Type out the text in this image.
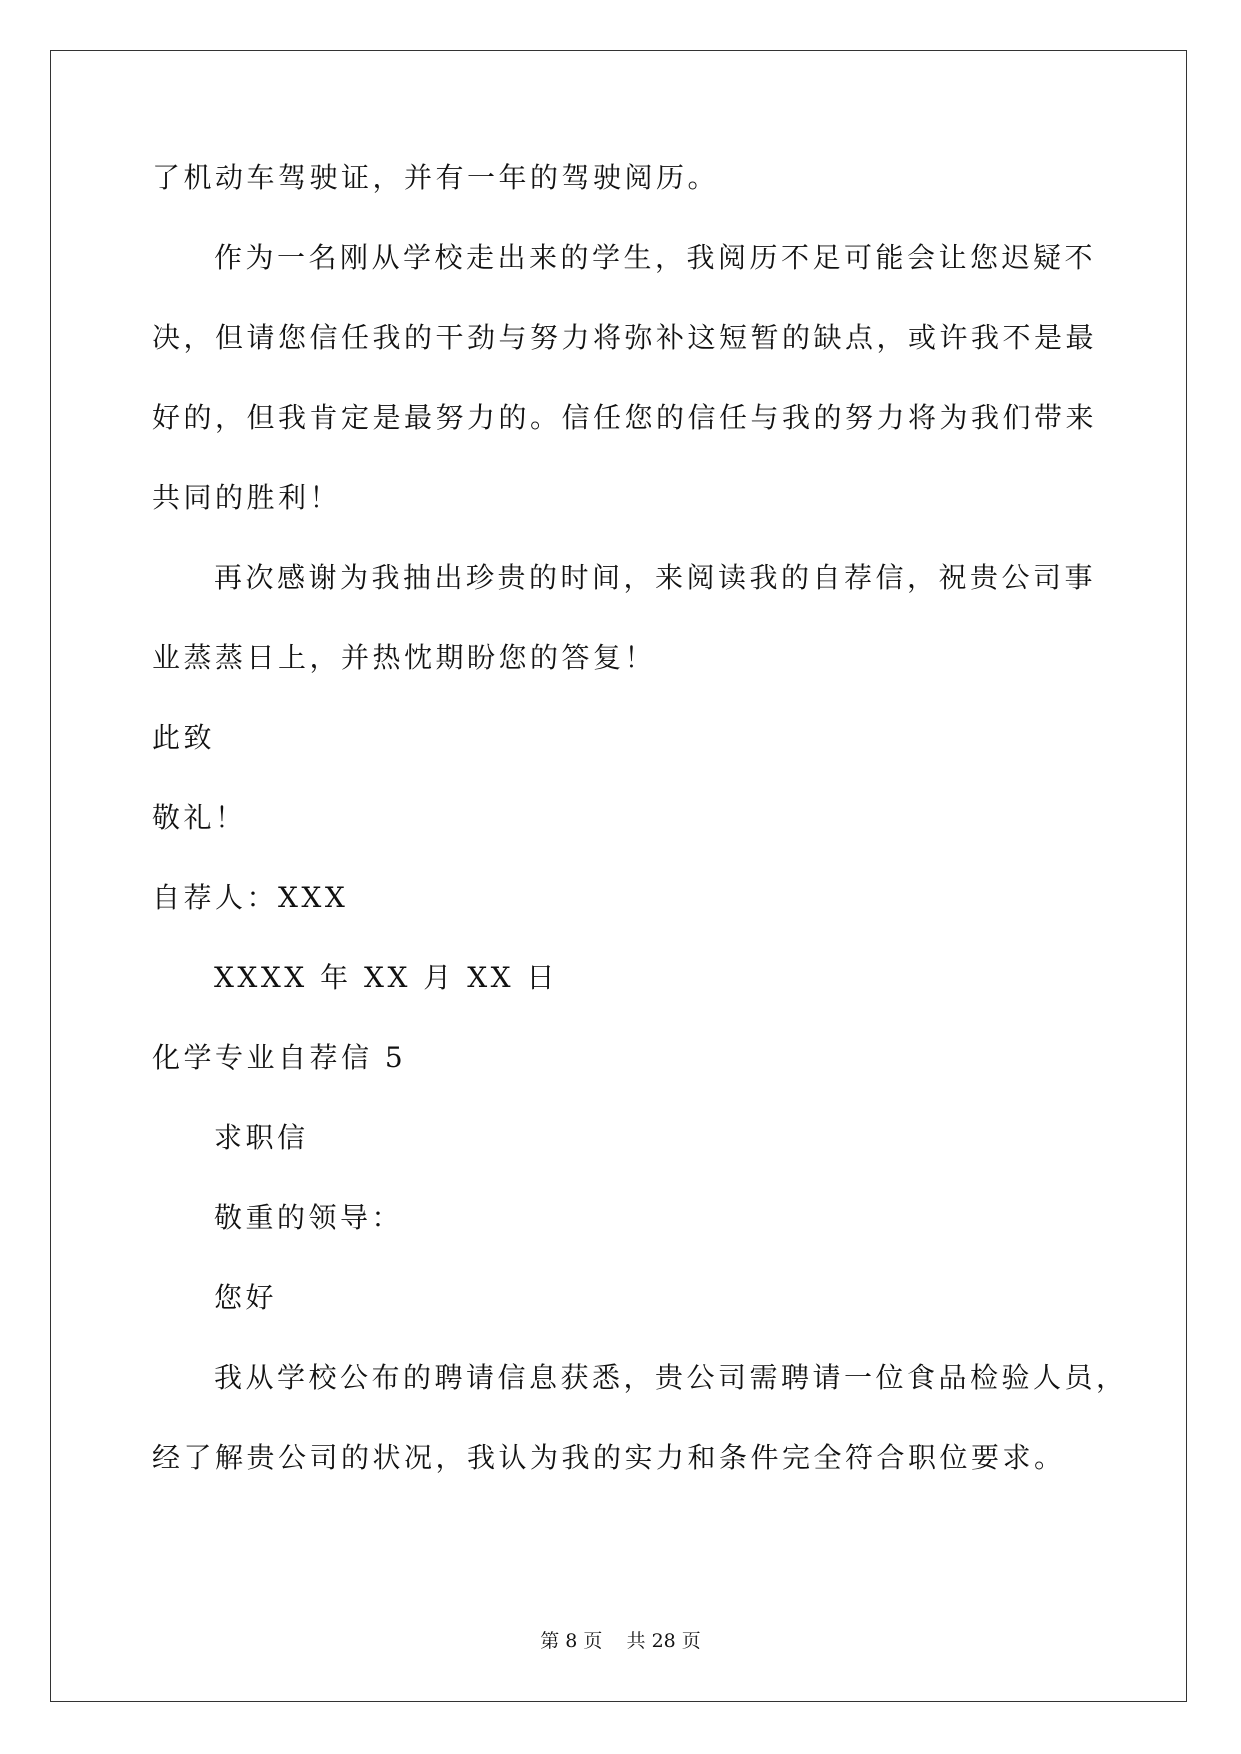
了机动车驾驶证，并有一年的驾驶阅历。
作为一名刚从学校走出来的学生，我阅历不足可能会让您迟疑不
决，但请您信任我的干劲与努力将弥补这短暂的缺点，或许我不是最
好的，但我肯定是最努力的。信任您的信任与我的努力将为我们带来
共同的胜利！
再次感谢为我抽出珍贵的时间，来阅读我的自荐信，祝贵公司事
业蒸蒸日上，并热忱期盼您的答复！
此致
敬礼！
自荐人：XXX
XXXX 年 XX 月 XX 日
化学专业自荐信 5
求职信
敬重的领导：
您好
我从学校公布的聘请信息获悉，贵公司需聘请一位食品检验人员，
经了解贵公司的状况，我认为我的实力和条件完全符合职位要求。
第 8 页    共 28 页
